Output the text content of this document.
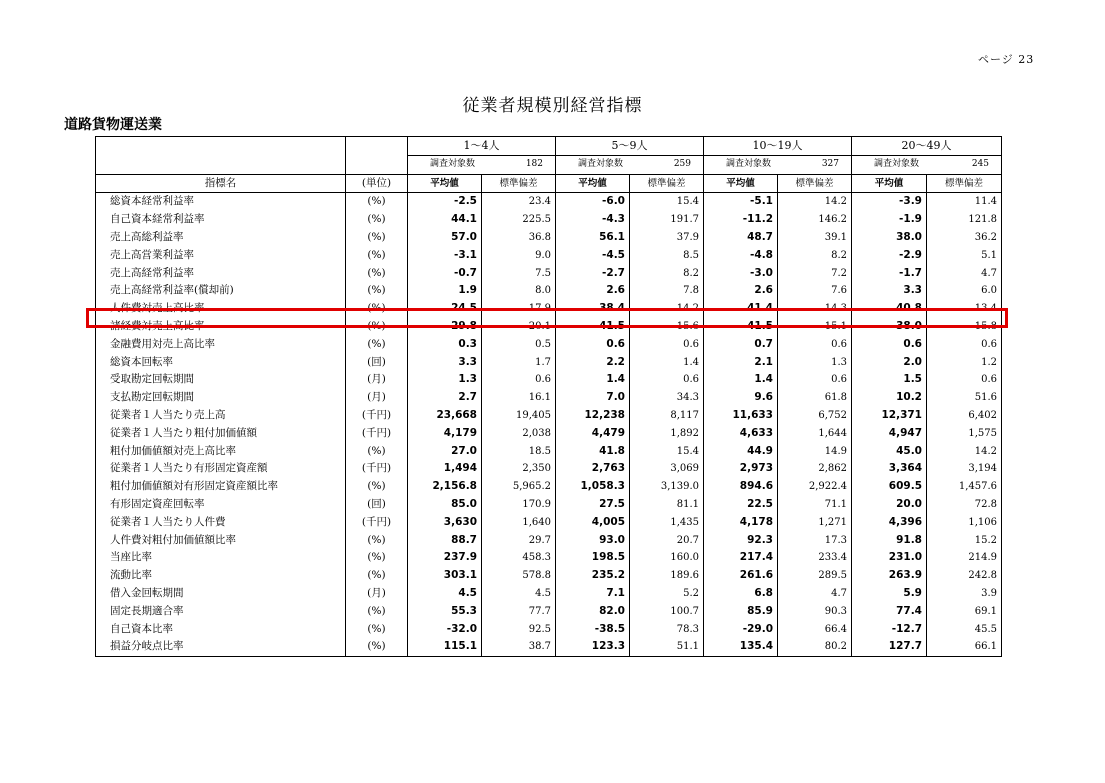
ページ 23
従業者規模別経営指標
道路貨物運送業
		1～4人		5～9人		10～19人		20～49人	

		調査対象数 182		調査対象数 259		調査対象数 327		調査対象数 245	

指標名	(単位)	平均値	標準偏差	平均値	標準偏差	平均値	標準偏差	平均値	標準偏差
総資本経常利益率	(%)	-2.5	23.4	-6.0	15.4	-5.1	14.2	-3.9	11.4
自己資本経常利益率	(%)	44.1	225.5	-4.3	191.7	-11.2	146.2	-1.9	121.8
売上高総利益率	(%)	57.0	36.8	56.1	37.9	48.7	39.1	38.0	36.2
売上高営業利益率	(%)	-3.1	9.0	-4.5	8.5	-4.8	8.2	-2.9	5.1
売上高経常利益率	(%)	-0.7	7.5	-2.7	8.2	-3.0	7.2	-1.7	4.7
売上高経常利益率(償却前)	(%)	1.9	8.0	2.6	7.8	2.6	7.6	3.3	6.0
人件費対売上高比率	(%)	24.5	17.9	38.4	14.2	41.4	14.3	40.8	13.4
諸経費対売上高比率	(%)	29.8	20.1	41.5	15.6	41.5	15.1	38.0	15.8
金融費用対売上高比率	(%)	0.3	0.5	0.6	0.6	0.7	0.6	0.6	0.6
総資本回転率	(回)	3.3	1.7	2.2	1.4	2.1	1.3	2.0	1.2
受取勘定回転期間	(月)	1.3	0.6	1.4	0.6	1.4	0.6	1.5	0.6
支払勘定回転期間	(月)	2.7	16.1	7.0	34.3	9.6	61.8	10.2	51.6
従業者１人当たり売上高	(千円)	23,668	19,405	12,238	8,117	11,633	6,752	12,371	6,402
従業者１人当たり粗付加価値額	(千円)	4,179	2,038	4,479	1,892	4,633	1,644	4,947	1,575
粗付加価値額対売上高比率	(%)	27.0	18.5	41.8	15.4	44.9	14.9	45.0	14.2
従業者１人当たり有形固定資産額	(千円)	1,494	2,350	2,763	3,069	2,973	2,862	3,364	3,194
粗付加価値額対有形固定資産額比率	(%)	2,156.8	5,965.2	1,058.3	3,139.0	894.6	2,922.4	609.5	1,457.6
有形固定資産回転率	(回)	85.0	170.9	27.5	81.1	22.5	71.1	20.0	72.8
従業者１人当たり人件費	(千円)	3,630	1,640	4,005	1,435	4,178	1,271	4,396	1,106
人件費対粗付加価値額比率	(%)	88.7	29.7	93.0	20.7	92.3	17.3	91.8	15.2
当座比率	(%)	237.9	458.3	198.5	160.0	217.4	233.4	231.0	214.9
流動比率	(%)	303.1	578.8	235.2	189.6	261.6	289.5	263.9	242.8
借入金回転期間	(月)	4.5	4.5	7.1	5.2	6.8	4.7	5.9	3.9
固定長期適合率	(%)	55.3	77.7	82.0	100.7	85.9	90.3	77.4	69.1
自己資本比率	(%)	-32.0	92.5	-38.5	78.3	-29.0	66.4	-12.7	45.5
損益分岐点比率	(%)	115.1	38.7	123.3	51.1	135.4	80.2	127.7	66.1
